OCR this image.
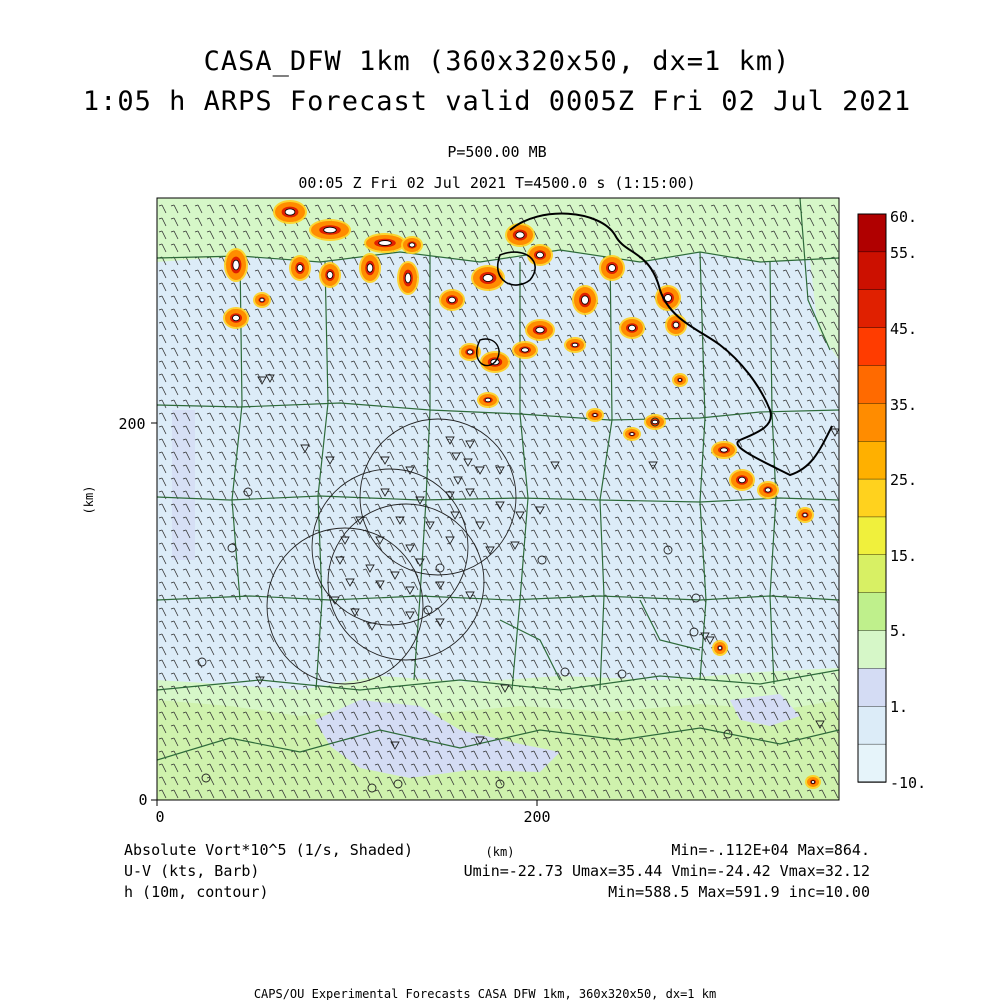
CASA_DFW 1km (360x320x50, dx=1 km)
1:05 h ARPS Forecast valid 0005Z Fri 02 Jul 2021
P=500.00 MB
00:05 Z Fri 02 Jul 2021 T=4500.0 s (1:15:00)
0	200
(km)
0
200
(km)
60.
55.
45.
35.
25.
15.
5.
1.
-10.
Absolute Vort*10^5 (1/s, Shaded)	Min=-.112E+04 Max=864.
U-V (kts, Barb)	Umin=-22.73 Umax=35.44 Vmin=-24.42 Vmax=32.12
h (10m, contour)	Min=588.5 Max=591.9 inc=10.00
CAPS/OU Experimental Forecasts CASA DFW 1km, 360x320x50, dx=1 km
